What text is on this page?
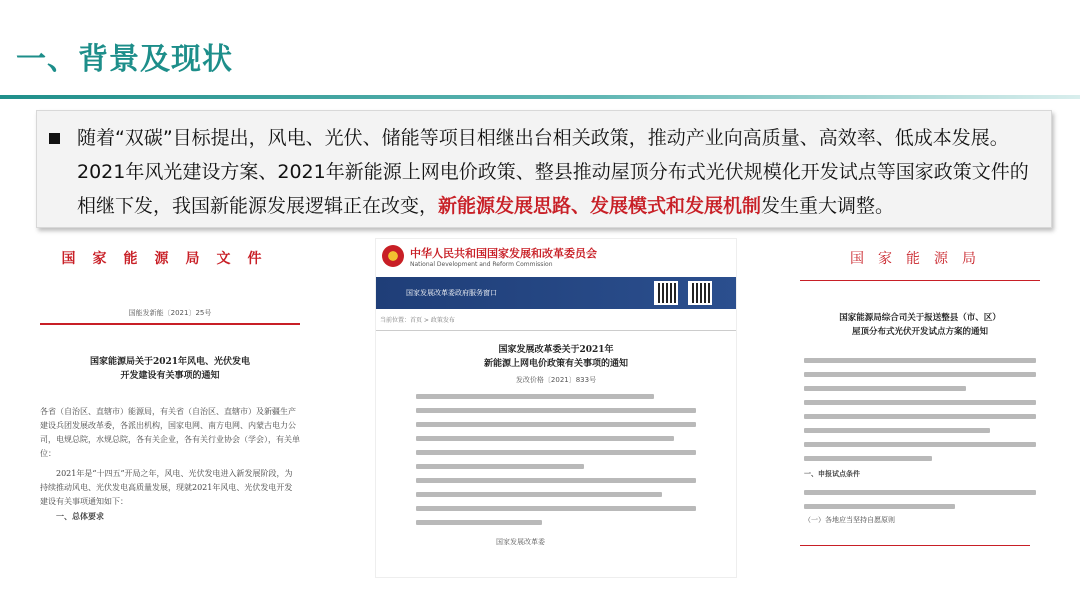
一、背景及现状
随着“双碳”目标提出，风电、光伏、储能等项目相继出台相关政策，推动产业向高质量、高效率、低成本发展。2021年风光建设方案、2021年新能源上网电价政策、整县推动屋顶分布式光伏规模化开发试点等国家政策文件的相继下发，我国新能源发展逻辑正在改变，新能源发展思路、发展模式和发展机制发生重大调整。
国家能源局文件
国能发新能〔2021〕25号
国家能源局关于2021年风电、光伏发电
开发建设有关事项的通知
各省（自治区、直辖市）能源局，有关省（自治区、直辖市）及新疆生产建设兵团发展改革委，各派出机构，国家电网、南方电网、内蒙古电力公司，电规总院，水规总院，各有关企业，各有关行业协会（学会），有关单位：
2021年是“十四五”开局之年，风电、光伏发电进入新发展阶段，为持续推动风电、光伏发电高质量发展，现就2021年风电、光伏发电开发建设有关事项通知如下：
一、总体要求
中华人民共和国国家发展和改革委员会
National Development and Reform Commission
国家发展改革委政府服务窗口
当前位置：首页 > 政策发布
国家发展改革委关于2021年
新能源上网电价政策有关事项的通知
发改价格〔2021〕833号
国家发展改革委
国家能源局
国家能源局综合司关于报送整县（市、区）
屋顶分布式光伏开发试点方案的通知
一、申报试点条件
（一）各地应当坚持自愿原则
